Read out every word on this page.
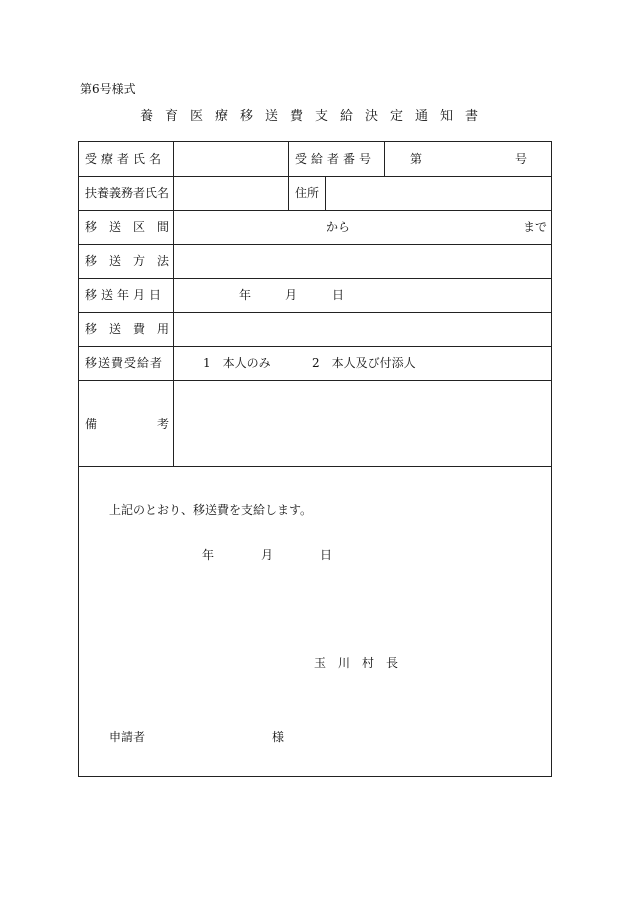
第6号様式
養育医療移送費支給決定通知書
受療者氏名	受給者番号	第	号
扶養義務者氏名	住所
移送区間	から	まで
移送方法
移送年月日	年	月	日
移送費用
移送費受給者	1　本人のみ	2　本人及び付添人
備	考
上記のとおり、移送費を支給します。
年	月	日
玉　川　村　長
申請者	様
